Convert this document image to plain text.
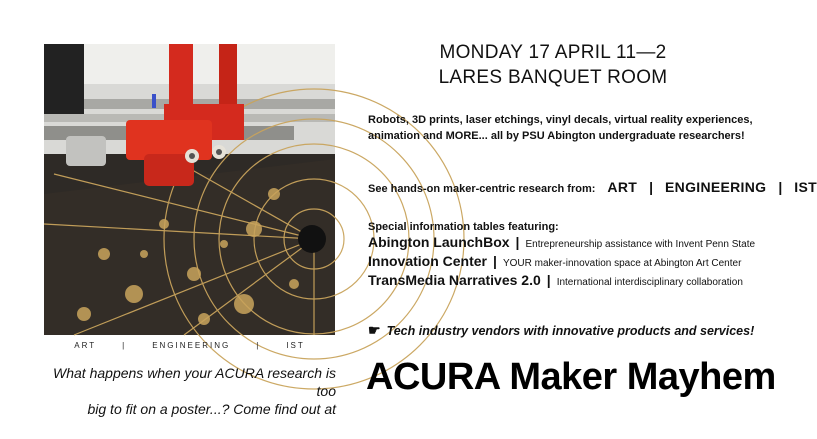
ART	|	ENGINEERING	|	IST
What happens when your ACURA research is too
big to fit on a poster...? Come find out at
MONDAY 17 APRIL 11—2
LARES BANQUET ROOM
Robots, 3D prints, laser etchings, vinyl decals, virtual reality experiences,
animation and MORE... all by PSU Abington undergraduate researchers!
See hands-on maker-centric research from: ART | ENGINEERING | IST
Special information tables featuring:
Abington LaunchBox | Entrepreneurship assistance with Invent Penn State
Innovation Center | YOUR maker-innovation space at Abington Art Center
TransMedia Narratives 2.0 | International interdisciplinary collaboration
☛ Tech industry vendors with innovative products and services!
ACURA Maker Mayhem
